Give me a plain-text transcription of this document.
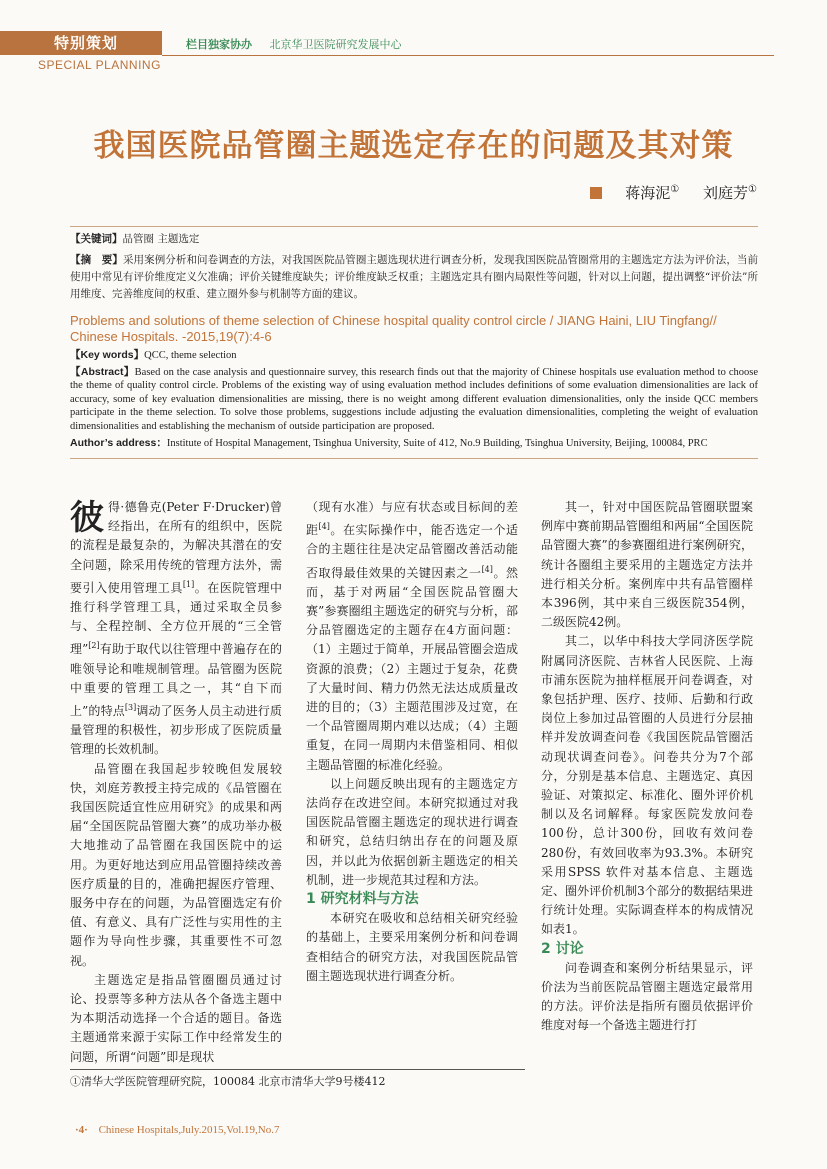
特别策划
SPECIAL PLANNING
栏目独家协办 北京华卫医院研究发展中心
我国医院品管圈主题选定存在的问题及其对策
蒋海泥① 刘庭芳①

【关键词】品管圈 主题选定

【摘　要】采用案例分析和问卷调查的方法，对我国医院品管圈主题选现状进行调查分析，发现我国医院品管圈常用的主题选定方法为评价法，当前使用中常见有评价维度定义欠准确；评价关键维度缺失；评价维度缺乏权重；主题选定具有圈内局限性等问题，针对以上问题，提出调整“评价法”所用维度、完善维度间的权重、建立圈外参与机制等方面的建议。

Problems and solutions of theme selection of Chinese hospital quality control circle / JIANG Haini, LIU Tingfang// Chinese Hospitals. -2015,19(7):4-6

【Key words】QCC, theme selection

【Abstract】Based on the case analysis and questionnaire survey, this research finds out that the majority of Chinese hospitals use evaluation method to choose the theme of quality control circle. Problems of the existing way of using evaluation method includes definitions of some evaluation dimensionalities are lack of accuracy, some of key evaluation dimensionalities are missing, there is no weight among different evaluation dimensionalities, only the inside QCC members participate in the theme selection. To solve those problems, suggestions include adjusting the evaluation dimensionalities, completing the weight of evaluation dimensionalities and establishing the mechanism of outside participation are proposed.

Author’s address：Institute of Hospital Management, Tsinghua University, Suite of 412, No.9 Building, Tsinghua University, Beijing, 100084, PRC

彼得·德鲁克(Peter F·Drucker)曾经指出，在所有的组织中，医院的流程是最复杂的，为解决其潜在的安全问题，除采用传统的管理方法外，需要引入使用管理工具[1]。在医院管理中推行科学管理工具，通过采取全员参与、全程控制、全方位开展的“三全管理”[2]有助于取代以往管理中普遍存在的唯领导论和唯规制管理。品管圈为医院中重要的管理工具之一，其“自下而上”的特点[3]调动了医务人员主动进行质量管理的积极性，初步形成了医院质量管理的长效机制。

品管圈在我国起步较晚但发展较快，刘庭芳教授主持完成的《品管圈在我国医院适宜性应用研究》的成果和两届“全国医院品管圈大赛”的成功举办极大地推动了品管圈在我国医院中的运用。为更好地达到应用品管圈持续改善医疗质量的目的，准确把握医疗管理、服务中存在的问题，为品管圈选定有价值、有意义、具有广泛性与实用性的主题作为导向性步骤，其重要性不可忽视。

主题选定是指品管圈圈员通过讨论、投票等多种方法从各个备选主题中为本期活动选择一个合适的题目。备选主题通常来源于实际工作中经常发生的问题，所谓“问题”即是现状

（现有水准）与应有状态或目标间的差距[4]。在实际操作中，能否选定一个适合的主题往往是决定品管圈改善活动能否取得最佳效果的关键因素之一[4]。然而，基于对两届“全国医院品管圈大赛”参赛圈组主题选定的研究与分析，部分品管圈选定的主题存在4方面问题：（1）主题过于简单，开展品管圈会造成资源的浪费；（2）主题过于复杂，花费了大量时间、精力仍然无法达成质量改进的目的；（3）主题范围涉及过宽，在一个品管圈周期内难以达成；（4）主题重复，在同一周期内未借鉴相同、相似主题品管圈的标准化经验。

以上问题反映出现有的主题选定方法尚存在改进空间。本研究拟通过对我国医院品管圈主题选定的现状进行调查和研究，总结归纳出存在的问题及原因，并以此为依据创新主题选定的相关机制，进一步规范其过程和方法。

1 研究材料与方法

本研究在吸收和总结相关研究经验的基础上，主要采用案例分析和问卷调查相结合的研究方法，对我国医院品管圈主题选现状进行调查分析。

其一，针对中国医院品管圈联盟案例库中赛前期品管圈组和两届“全国医院品管圈大赛”的参赛圈组进行案例研究，统计各圈组主要采用的主题选定方法并进行相关分析。案例库中共有品管圈样本396例，其中来自三级医院354例，二级医院42例。

其二，以华中科技大学同济医学院附属同济医院、吉林省人民医院、上海市浦东医院为抽样框展开问卷调查，对象包括护理、医疗、技师、后勤和行政岗位上参加过品管圈的人员进行分层抽样并发放调查问卷《我国医院品管圈活动现状调查问卷》。问卷共分为7个部分，分别是基本信息、主题选定、真因验证、对策拟定、标准化、圈外评价机制以及名词解释。每家医院发放问卷100份，总计300份，回收有效问卷280份，有效回收率为93.3%。本研究采用SPSS 软件对基本信息、主题选定、圈外评价机制3个部分的数据结果进行统计处理。实际调查样本的构成情况如表1。

2 讨论

问卷调查和案例分析结果显示，评价法为当前医院品管圈主题选定最常用的方法。评价法是指所有圈员依据评价维度对每一个备选主题进行打

①清华大学医院管理研究院，100084 北京市清华大学9号楼412
·4· Chinese Hospitals,July.2015,Vol.19,No.7
